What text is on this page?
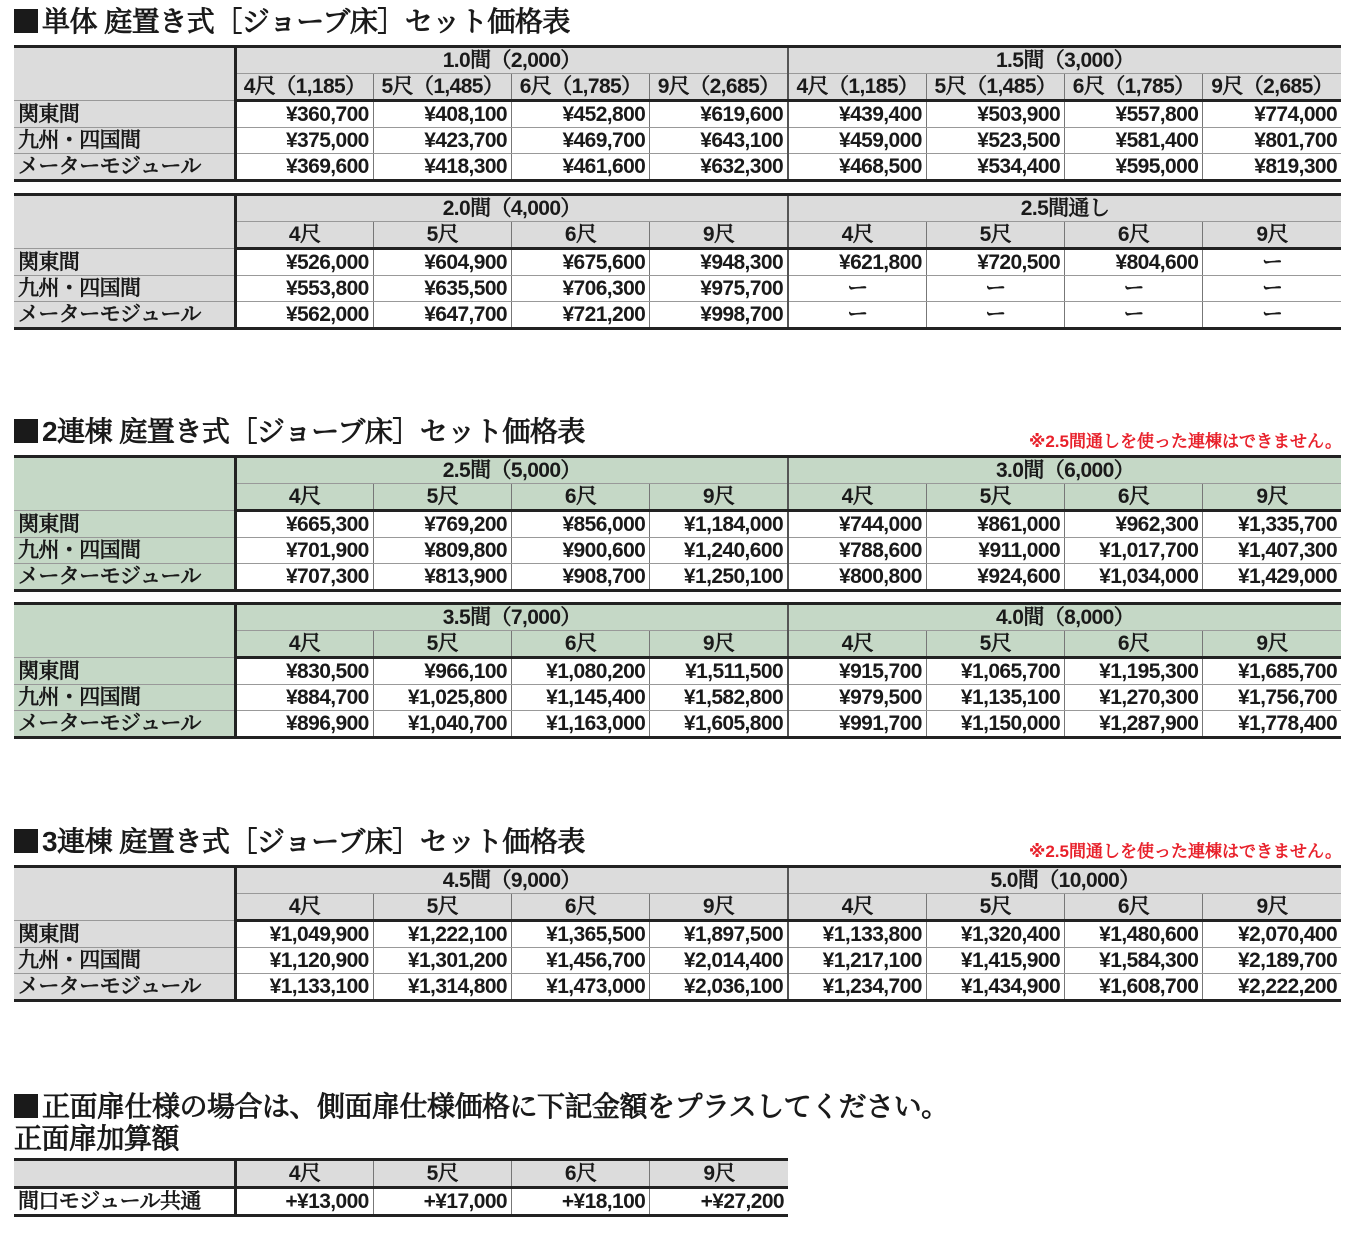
単体 庭置き式［ジョーブ床］セット価格表
	1.0間（2,000）				1.5間（3,000）			
	4尺（1,185）	5尺（1,485）	6尺（1,785）	9尺（2,685）	4尺（1,185）	5尺（1,485）	6尺（1,785）	9尺（2,685）
関東間	¥360,700	¥408,100	¥452,800	¥619,600	¥439,400	¥503,900	¥557,800	¥774,000
九州・四国間	¥375,000	¥423,700	¥469,700	¥643,100	¥459,000	¥523,500	¥581,400	¥801,700
メーターモジュール	¥369,600	¥418,300	¥461,600	¥632,300	¥468,500	¥534,400	¥595,000	¥819,300
	2.0間（4,000）				2.5間通し			
	4尺	5尺	6尺	9尺	4尺	5尺	6尺	9尺
関東間	¥526,000	¥604,900	¥675,600	¥948,300	¥621,800	¥720,500	¥804,600	ー
九州・四国間	¥553,800	¥635,500	¥706,300	¥975,700	ー	ー	ー	ー
メーターモジュール	¥562,000	¥647,700	¥721,200	¥998,700	ー	ー	ー	ー
2連棟 庭置き式［ジョーブ床］セット価格表	※2.5間通しを使った連棟はできません。
	2.5間（5,000）				3.0間（6,000）			
	4尺	5尺	6尺	9尺	4尺	5尺	6尺	9尺
関東間	¥665,300	¥769,200	¥856,000	¥1,184,000	¥744,000	¥861,000	¥962,300	¥1,335,700
九州・四国間	¥701,900	¥809,800	¥900,600	¥1,240,600	¥788,600	¥911,000	¥1,017,700	¥1,407,300
メーターモジュール	¥707,300	¥813,900	¥908,700	¥1,250,100	¥800,800	¥924,600	¥1,034,000	¥1,429,000
	3.5間（7,000）				4.0間（8,000）			
	4尺	5尺	6尺	9尺	4尺	5尺	6尺	9尺
関東間	¥830,500	¥966,100	¥1,080,200	¥1,511,500	¥915,700	¥1,065,700	¥1,195,300	¥1,685,700
九州・四国間	¥884,700	¥1,025,800	¥1,145,400	¥1,582,800	¥979,500	¥1,135,100	¥1,270,300	¥1,756,700
メーターモジュール	¥896,900	¥1,040,700	¥1,163,000	¥1,605,800	¥991,700	¥1,150,000	¥1,287,900	¥1,778,400
3連棟 庭置き式［ジョーブ床］セット価格表	※2.5間通しを使った連棟はできません。
	4.5間（9,000）				5.0間（10,000）			
	4尺	5尺	6尺	9尺	4尺	5尺	6尺	9尺
関東間	¥1,049,900	¥1,222,100	¥1,365,500	¥1,897,500	¥1,133,800	¥1,320,400	¥1,480,600	¥2,070,400
九州・四国間	¥1,120,900	¥1,301,200	¥1,456,700	¥2,014,400	¥1,217,100	¥1,415,900	¥1,584,300	¥2,189,700
メーターモジュール	¥1,133,100	¥1,314,800	¥1,473,000	¥2,036,100	¥1,234,700	¥1,434,900	¥1,608,700	¥2,222,200
正面扉仕様の場合は、側面扉仕様価格に下記金額をプラスしてください。
正面扉加算額
	4尺	5尺	6尺	9尺
間口モジュール共通	+¥13,000	+¥17,000	+¥18,100	+¥27,200
